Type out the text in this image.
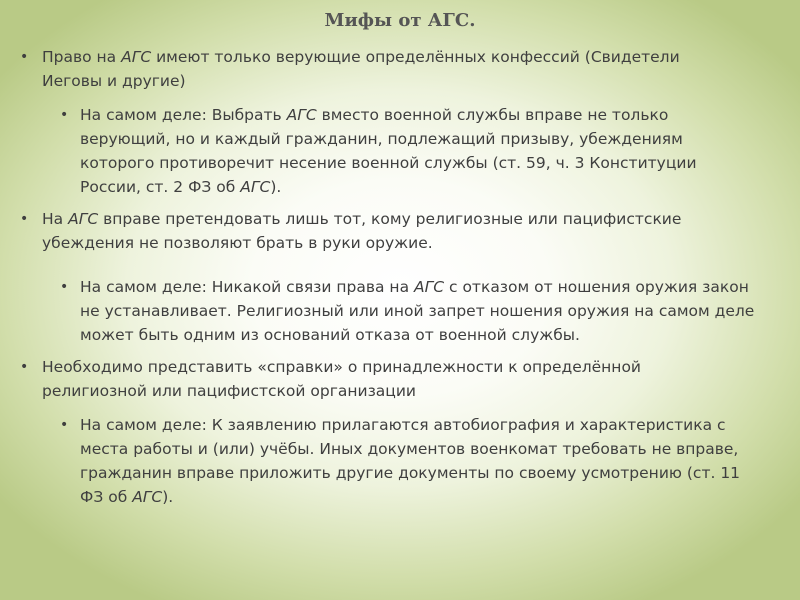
Мифы от АГС.
• Право на АГС имеют только верующие определённых конфессий (Свидетели Иеговы и другие)
• На самом деле: Выбрать АГС вместо военной службы вправе не только верующий, но и каждый гражданин, подлежащий призыву, убеждениям которого противоречит несение военной службы (ст. 59, ч. 3 Конституции России, ст. 2 ФЗ об АГС).
• На АГС вправе претендовать лишь тот, кому религиозные или пацифистские убеждения не позволяют брать в руки оружие.
• На самом деле: Никакой связи права на АГС с отказом от ношения оружия закон не устанавливает. Религиозный или иной запрет ношения оружия на самом деле может быть одним из оснований отказа от военной службы.
• Необходимо представить «справки» о принадлежности к определённой религиозной или пацифистской организации
• На самом деле: К заявлению прилагаются автобиография и характеристика с места работы и (или) учёбы. Иных документов военкомат требовать не вправе, гражданин вправе приложить другие документы по своему усмотрению (ст. 11 ФЗ об АГС).
